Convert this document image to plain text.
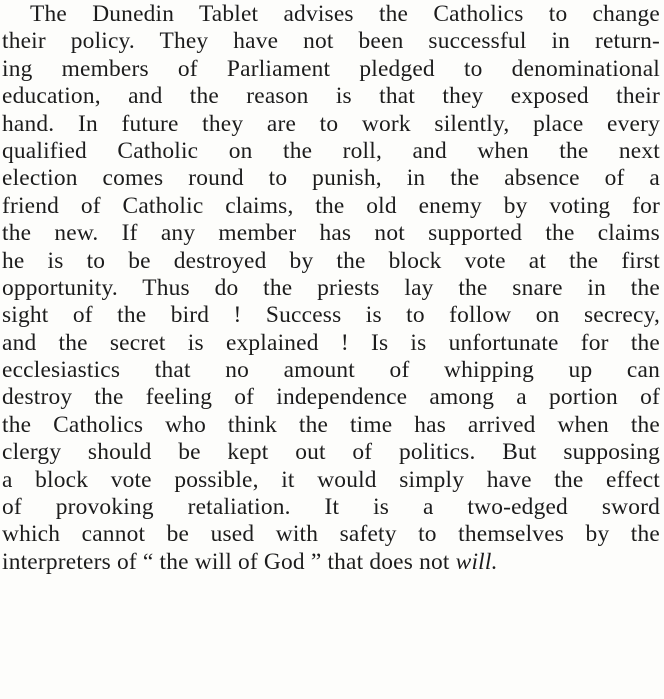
The Dunedin Tablet advises the Catholics to change
their policy. They have not been successful in return-
ing members of Parliament pledged to denominational
education, and the reason is that they exposed their
hand. In future they are to work silently, place every
qualified Catholic on the roll, and when the next
election comes round to punish, in the absence of a
friend of Catholic claims, the old enemy by voting for
the new. If any member has not supported the claims
he is to be destroyed by the block vote at the first
opportunity. Thus do the priests lay the snare in the
sight of the bird ! Success is to follow on secrecy,
and the secret is explained ! Is is unfortunate for the
ecclesiastics that no amount of whipping up can
destroy the feeling of independence among a portion of
the Catholics who think the time has arrived when the
clergy should be kept out of politics. But supposing
a block vote possible, it would simply have the effect
of provoking retaliation. It is a two-edged sword
which cannot be used with safety to themselves by the
interpreters of “ the will of God ” that does not will.
